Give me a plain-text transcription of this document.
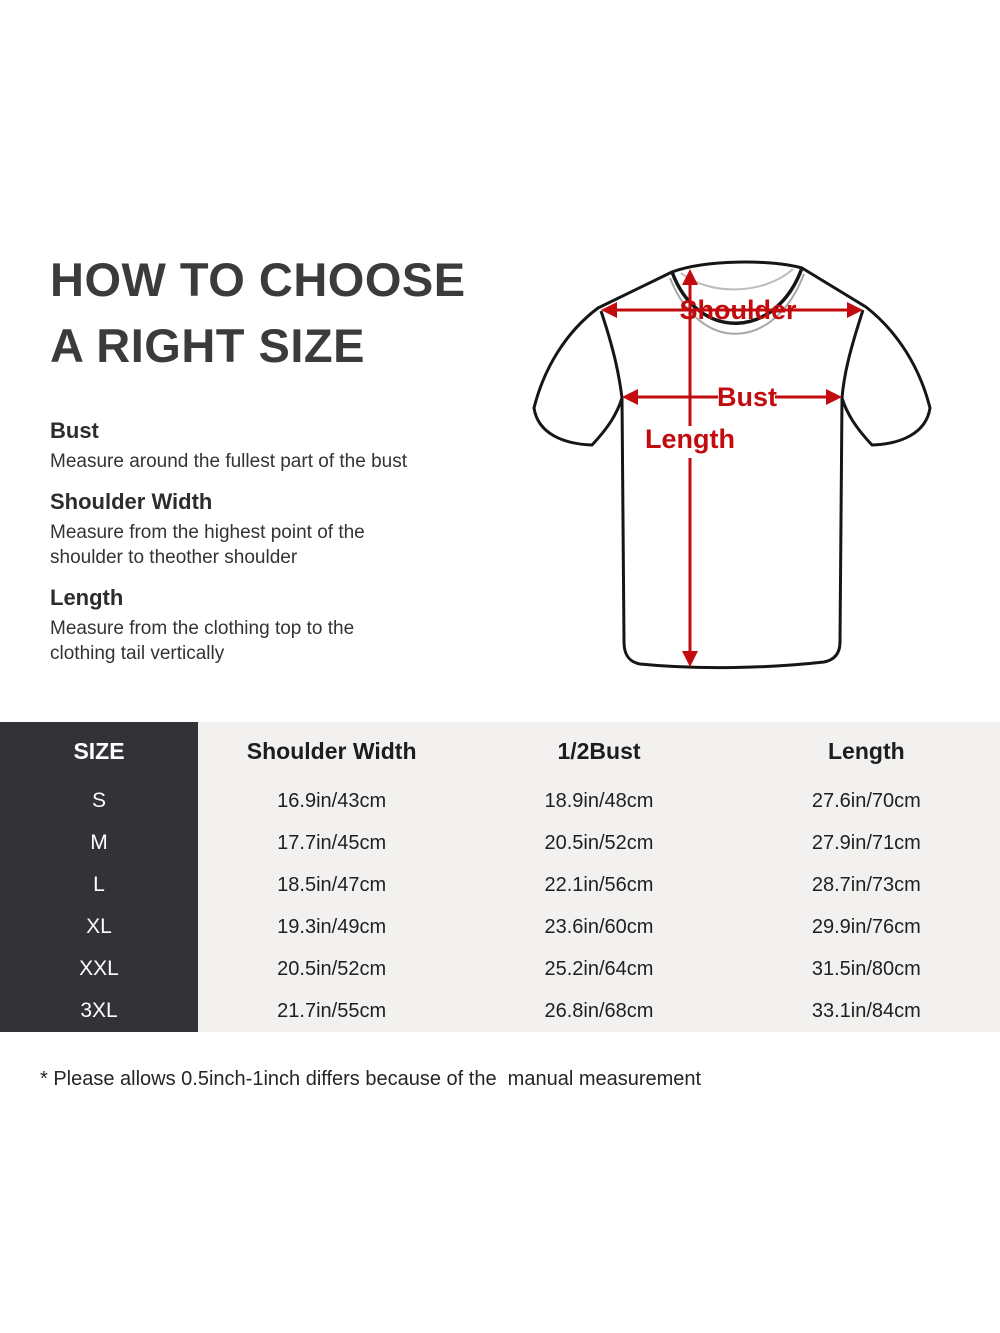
HOW TO CHOOSE
A RIGHT SIZE

Bust

Measure around the fullest part of the bust

Shoulder Width

Measure from the highest point of the

shoulder to theother shoulder

Length

Measure from the clothing top to the

clothing tail vertically

Shoulder
Length
Bust
SIZE	Shoulder Width	1/2Bust	Length
S	16.9in/43cm	18.9in/48cm	27.6in/70cm
M	17.7in/45cm	20.5in/52cm	27.9in/71cm
L	18.5in/47cm	22.1in/56cm	28.7in/73cm
XL	19.3in/49cm	23.6in/60cm	29.9in/76cm
XXL	20.5in/52cm	25.2in/64cm	31.5in/80cm
3XL	21.7in/55cm	26.8in/68cm	33.1in/84cm

* Please allows 0.5inch-1inch differs because of the  manual measurement
